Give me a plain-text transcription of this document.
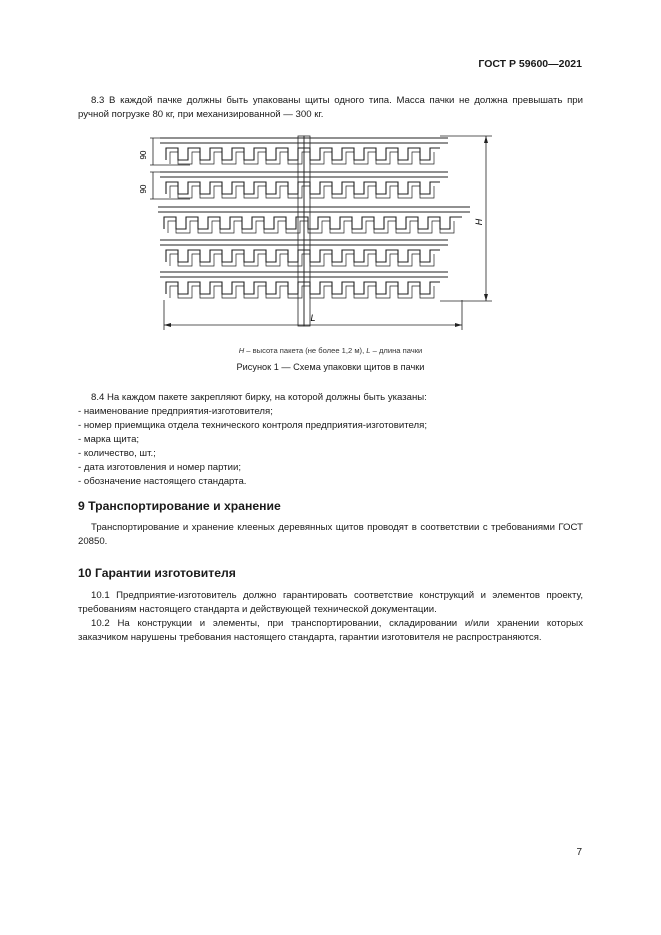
ГОСТ Р 59600—2021
8.3 В каждой пачке должны быть упакованы щиты одного типа. Масса пачки не должна превышать при ручной погрузке 80 кг, при механизированной — 300 кг.
90
90
H
L
H – высота пакета (не более 1,2 м), L – длина пачки
Рисунок 1 — Схема упаковки щитов в пачки
8.4 На каждом пакете закрепляют бирку, на которой должны быть указаны:
- наименование предприятия-изготовителя;
- номер приемщика отдела технического контроля предприятия-изготовителя;
- марка щита;
- количество, шт.;
- дата изготовления и номер партии;
- обозначение настоящего стандарта.
9 Транспортирование и хранение
Транспортирование и хранение клееных деревянных щитов проводят в соответствии с требованиями ГОСТ 20850.
10 Гарантии изготовителя
10.1 Предприятие-изготовитель должно гарантировать соответствие конструкций и элементов проекту, требованиям настоящего стандарта и действующей технической документации.
10.2 На конструкции и элементы, при транспортировании, складировании и/или хранении которых заказчиком нарушены требования настоящего стандарта, гарантии изготовителя не распространяются.
7
